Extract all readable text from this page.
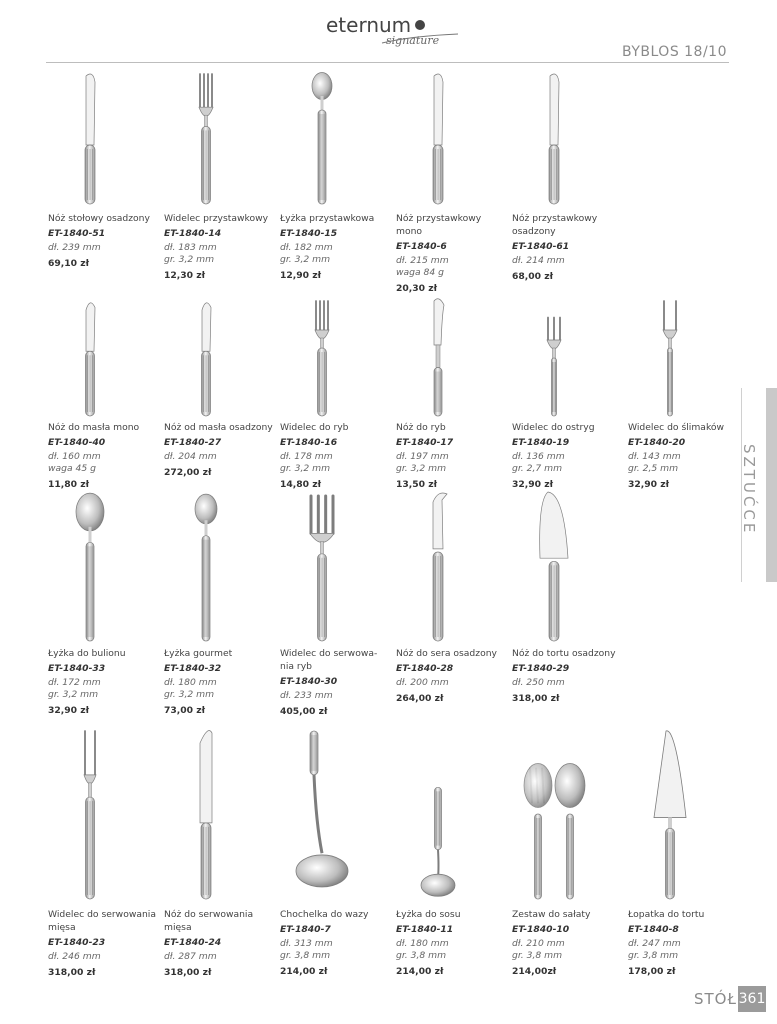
eternum
signature
BYBLOS 18/10
SZTUĆCE
Nóż stołowy osadzony
ET-1840-51
dł. 239 mm
69,10 zł
Widelec przystawkowy
ET-1840-14
dł. 183 mm
gr. 3,2 mm
12,30 zł
Łyżka przystawkowa
ET-1840-15
dł. 182 mm
gr. 3,2 mm
12,90 zł
Nóż przystawkowy mono
ET-1840-6
dł. 215 mm
waga 84 g
20,30 zł
Nóż przystawkowy osadzony
ET-1840-61
dł. 214 mm
68,00 zł
Nóż do masła mono
ET-1840-40
dł. 160 mm
waga 45 g
11,80 zł
Nóż od masła osadzony
ET-1840-27
dł. 204 mm
272,00 zł
Widelec do ryb
ET-1840-16
dł. 178 mm
gr. 3,2 mm
14,80 zł
Nóż do ryb
ET-1840-17
dł. 197 mm
gr. 3,2 mm
13,50 zł
Widelec do ostryg
ET-1840-19
dł. 136 mm
gr. 2,7 mm
32,90 zł
Widelec do ślimaków
ET-1840-20
dł. 143 mm
gr. 2,5 mm
32,90 zł
Łyżka do bulionu
ET-1840-33
dł. 172 mm
gr. 3,2 mm
32,90 zł
Łyżka gourmet
ET-1840-32
dł. 180 mm
gr. 3,2 mm
73,00 zł
Widelec do serwowa-
nia ryb
ET-1840-30
dł. 233 mm
405,00 zł
Nóż do sera osadzony
ET-1840-28
dł. 200 mm
264,00 zł
Nóż do tortu osadzony
ET-1840-29
dł. 250 mm
318,00 zł
Widelec do serwowania mięsa
ET-1840-23
dł. 246 mm
318,00 zł
Nóż do serwowania mięsa
ET-1840-24
dł. 287 mm
318,00 zł
Chochelka do wazy
ET-1840-7
dł. 313 mm
gr. 3,8 mm
214,00 zł
Łyżka do sosu
ET-1840-11
dł. 180 mm
gr. 3,8 mm
214,00 zł
Zestaw do sałaty
ET-1840-10
dł. 210 mm
gr. 3,8 mm
214,00zł
Łopatka do tortu
ET-1840-8
dł. 247 mm
gr. 3,8 mm
178,00 zł
STÓŁ 361
